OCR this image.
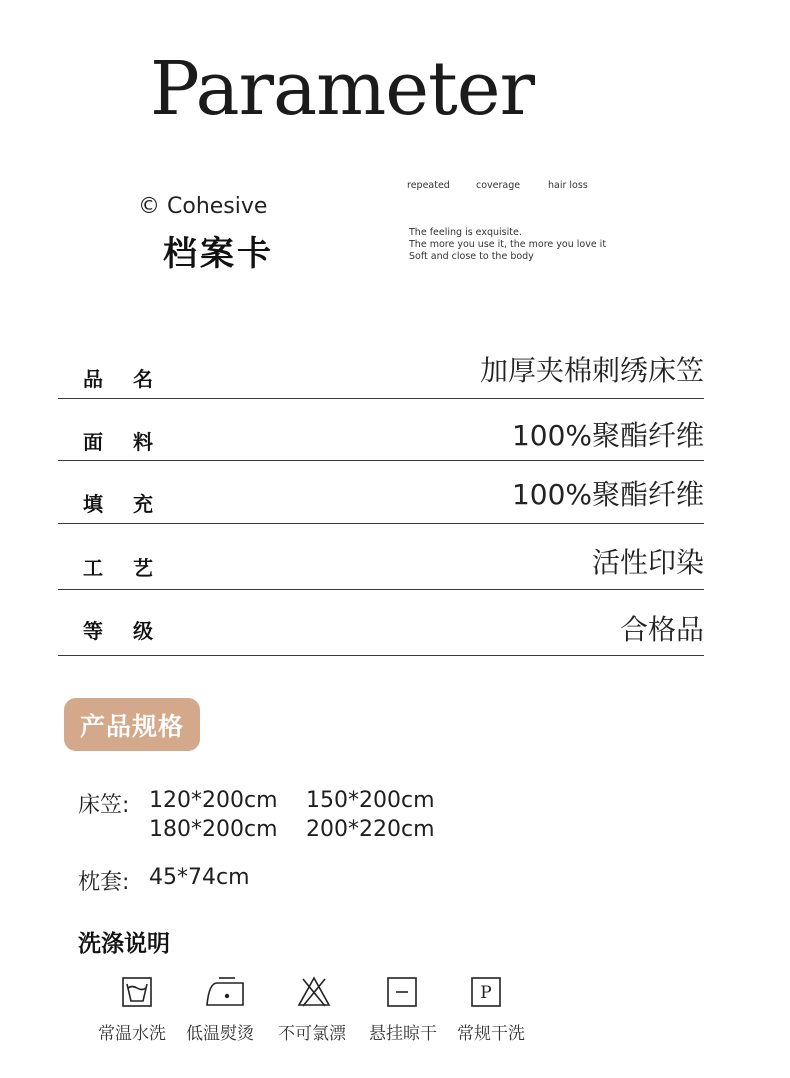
Parameter
© Cohesive
档案卡
repeated	coverage	hair loss
The feeling is exquisite.
The more you use it, the more you love it
Soft and close to the body
品名	加厚夹棉刺绣床笠
面料	100%聚酯纤维
填充	100%聚酯纤维
工艺	活性印染
等级	合格品
产品规格
床笠: 120*200cm 150*200cm
180*200cm 200*220cm
枕套: 45*74cm
洗涤说明
P
常温水洗 低温熨烫 不可氯漂 悬挂晾干 常规干洗
